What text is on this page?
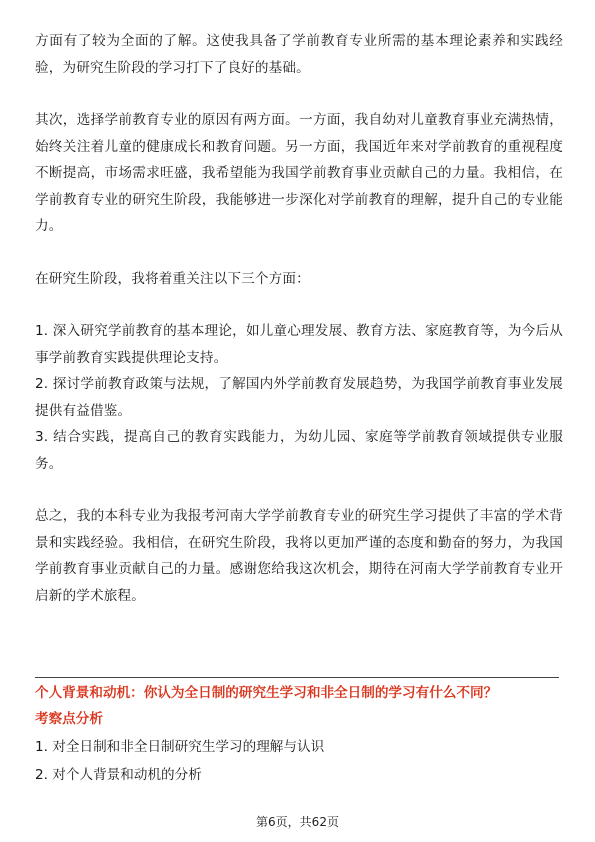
方面有了较为全面的了解。这使我具备了学前教育专业所需的基本理论素养和实践经验，为研究生阶段的学习打下了良好的基础。

其次，选择学前教育专业的原因有两方面。一方面，我自幼对儿童教育事业充满热情，始终关注着儿童的健康成长和教育问题。另一方面，我国近年来对学前教育的重视程度不断提高，市场需求旺盛，我希望能为我国学前教育事业贡献自己的力量。我相信，在学前教育专业的研究生阶段，我能够进一步深化对学前教育的理解，提升自己的专业能力。

在研究生阶段，我将着重关注以下三个方面：

1. 深入研究学前教育的基本理论，如儿童心理发展、教育方法、家庭教育等，为今后从事学前教育实践提供理论支持。

2. 探讨学前教育政策与法规，了解国内外学前教育发展趋势，为我国学前教育事业发展提供有益借鉴。

3. 结合实践，提高自己的教育实践能力，为幼儿园、家庭等学前教育领域提供专业服务。

总之，我的本科专业为我报考河南大学学前教育专业的研究生学习提供了丰富的学术背景和实践经验。我相信，在研究生阶段，我将以更加严谨的态度和勤奋的努力，为我国学前教育事业贡献自己的力量。感谢您给我这次机会，期待在河南大学学前教育专业开启新的学术旅程。

个人背景和动机：你认为全日制的研究生学习和非全日制的学习有什么不同？

考察点分析

1. 对全日制和非全日制研究生学习的理解与认识

2. 对个人背景和动机的分析

第6页，共62页
